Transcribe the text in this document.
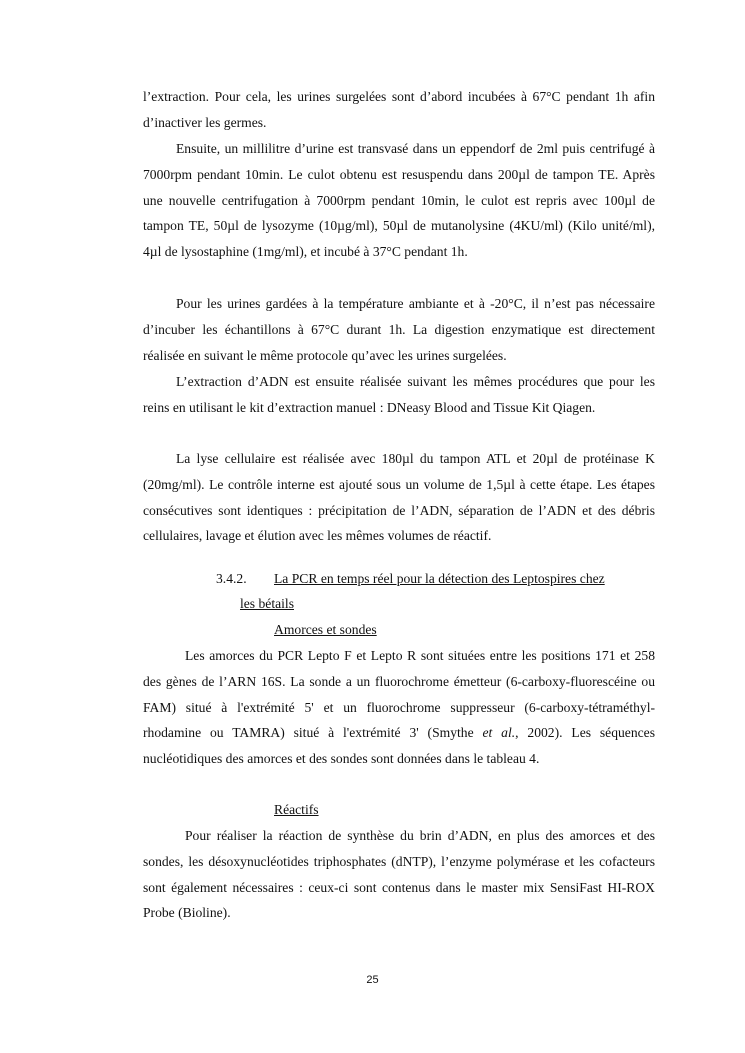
l’extraction. Pour cela, les urines surgelées sont d’abord incubées à 67°C pendant 1h afin d’inactiver les germes.

Ensuite, un millilitre d’urine est transvasé dans un eppendorf de 2ml puis centrifugé à 7000rpm pendant 10min. Le culot obtenu est resuspendu dans 200µl de tampon TE. Après une nouvelle centrifugation à 7000rpm pendant 10min, le culot est repris avec 100µl de tampon TE, 50µl de lysozyme (10µg/ml), 50µl de mutanolysine (4KU/ml) (Kilo unité/ml), 4µl de lysostaphine (1mg/ml), et incubé à 37°C pendant 1h.

Pour les urines gardées à la température ambiante et à -20°C, il n’est pas nécessaire d’incuber les échantillons à 67°C durant 1h. La digestion enzymatique est directement réalisée en suivant le même protocole qu’avec les urines surgelées.

L’extraction d’ADN est ensuite réalisée suivant les mêmes procédures que pour les reins en utilisant le kit d’extraction manuel : DNeasy Blood and Tissue Kit Qiagen.

La lyse cellulaire est réalisée avec 180µl du tampon ATL et 20µl de protéinase K (20mg/ml). Le contrôle interne est ajouté sous un volume de 1,5µl à cette étape. Les étapes consécutives sont identiques : précipitation de l’ADN, séparation de l’ADN et des débris cellulaires, lavage et élution avec les mêmes volumes de réactif.

3.4.2. La PCR en temps réel pour la détection des Leptospires chez
les bétails
Amorces et sondes

Les amorces du PCR Lepto F et Lepto R sont situées entre les positions 171 et 258 des gènes de l’ARN 16S. La sonde a un fluorochrome émetteur (6-carboxy-fluorescéine ou FAM) situé à l'extrémité 5' et un fluorochrome suppresseur (6-carboxy-tétraméthyl-rhodamine ou TAMRA) situé à l'extrémité 3' (Smythe et al., 2002). Les séquences nucléotidiques des amorces et des sondes sont données dans le tableau 4.

Réactifs

Pour réaliser la réaction de synthèse du brin d’ADN, en plus des amorces et des sondes, les désoxynucléotides triphosphates (dNTP), l’enzyme polymérase et les cofacteurs sont également nécessaires : ceux-ci sont contenus dans le master mix SensiFast HI-ROX Probe (Bioline).

25
